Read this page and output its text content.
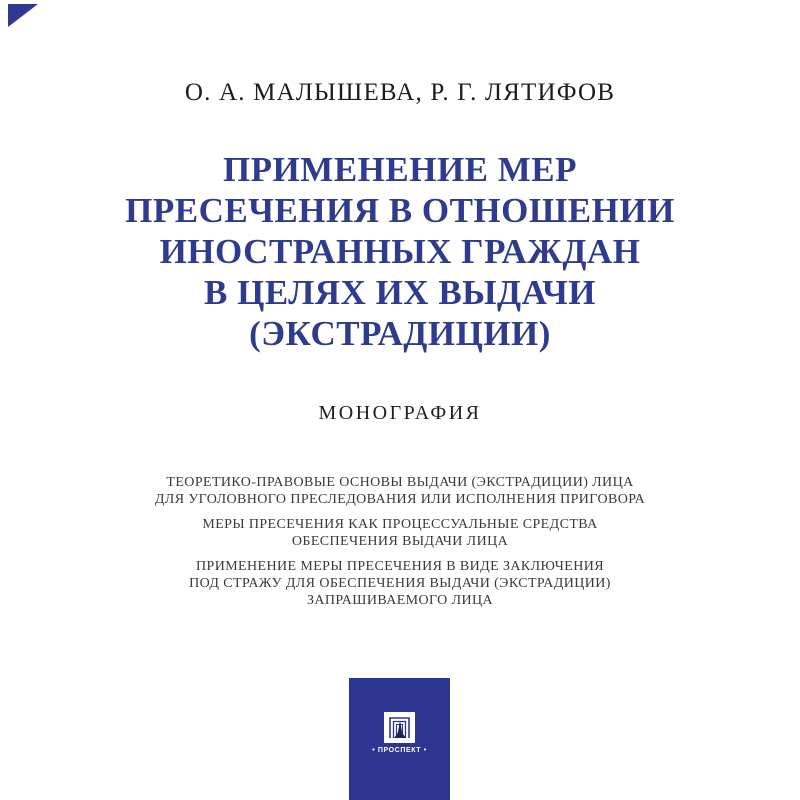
О. А. МАЛЫШЕВА, Р. Г. ЛЯТИФОВ
ПРИМЕНЕНИЕ МЕР
ПРЕСЕЧЕНИЯ В ОТНОШЕНИИ
ИНОСТРАННЫХ ГРАЖДАН
В ЦЕЛЯХ ИХ ВЫДАЧИ
(ЭКСТРАДИЦИИ)
МОНОГРАФИЯ
ТЕОРЕТИКО-ПРАВОВЫЕ ОСНОВЫ ВЫДАЧИ (ЭКСТРАДИЦИИ) ЛИЦА
ДЛЯ УГОЛОВНОГО ПРЕСЛЕДОВАНИЯ ИЛИ ИСПОЛНЕНИЯ ПРИГОВОРА
МЕРЫ ПРЕСЕЧЕНИЯ КАК ПРОЦЕССУАЛЬНЫЕ СРЕДСТВА
ОБЕСПЕЧЕНИЯ ВЫДАЧИ ЛИЦА
ПРИМЕНЕНИЕ МЕРЫ ПРЕСЕЧЕНИЯ В ВИДЕ ЗАКЛЮЧЕНИЯ
ПОД СТРАЖУ ДЛЯ ОБЕСПЕЧЕНИЯ ВЫДАЧИ (ЭКСТРАДИЦИИ)
ЗАПРАШИВАЕМОГО ЛИЦА
• ПРОСПЕКТ •
